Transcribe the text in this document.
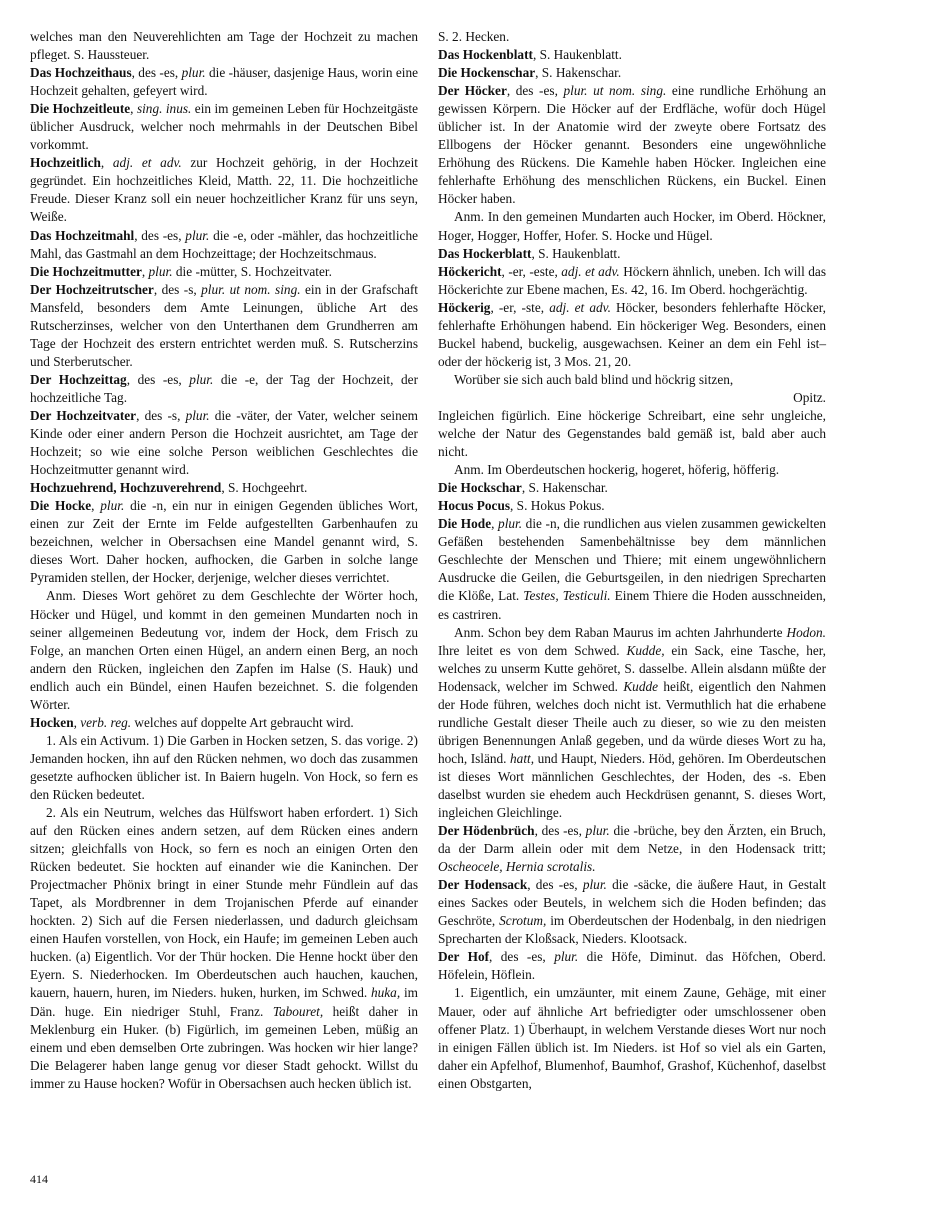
welches man den Neuverehlichten am Tage der Hochzeit zu machen pfleget. S. Haussteuer.

Das Hochzeithaus, des -es, plur. die -häuser, dasjenige Haus, worin eine Hochzeit gehalten, gefeyert wird.

Die Hochzeitleute, sing. inus. ein im gemeinen Leben für Hochzeitgäste üblicher Ausdruck, welcher noch mehrmahls in der Deutschen Bibel vorkommt.

Hochzeitlich, adj. et adv. zur Hochzeit gehörig, in der Hochzeit gegründet. Ein hochzeitliches Kleid, Matth. 22, 11. Die hochzeitliche Freude. Dieser Kranz soll ein neuer hochzeitlicher Kranz für uns seyn, Weiße.

Das Hochzeitmahl, des -es, plur. die -e, oder -mähler, das hochzeitliche Mahl, das Gastmahl an dem Hochzeittage; der Hochzeitschmaus.

Die Hochzeitmutter, plur. die -mütter, S. Hochzeitvater.

Der Hochzeitrutscher, des -s, plur. ut nom. sing. ein in der Grafschaft Mansfeld, besonders dem Amte Leinungen, übliche Art des Rutscherzinses, welcher von den Unterthanen dem Grundherren am Tage der Hochzeit des erstern entrichtet werden muß. S. Rutscherzins und Sterberutscher.

Der Hochzeittag, des -es, plur. die -e, der Tag der Hochzeit, der hochzeitliche Tag.

Der Hochzeitvater, des -s, plur. die -väter, der Vater, welcher seinem Kinde oder einer andern Person die Hochzeit ausrichtet, am Tage der Hochzeit; so wie eine solche Person weiblichen Geschlechtes die Hochzeitmutter genannt wird.

Hochzuehrend, Hochzuverehrend, S. Hochgeehrt.

Die Hocke, plur. die -n, ein nur in einigen Gegenden übliches Wort, einen zur Zeit der Ernte im Felde aufgestellten Garbenhaufen zu bezeichnen, welcher in Obersachsen eine Mandel genannt wird, S. dieses Wort. Daher hocken, aufhocken, die Garben in solche lange Pyramiden stellen, der Hocker, derjenige, welcher dieses verrichtet.

Anm. Dieses Wort gehöret zu dem Geschlechte der Wörter hoch, Höcker und Hügel, und kommt in den gemeinen Mundarten noch in seiner allgemeinen Bedeutung vor, indem der Hock, dem Frisch zu Folge, an manchen Orten einen Hügel, an andern einen Berg, an noch andern den Rücken, ingleichen den Zapfen im Halse (S. Hauk) und endlich auch ein Bündel, einen Haufen bezeichnet. S. die folgenden Wörter.

Hocken, verb. reg. welches auf doppelte Art gebraucht wird.

1. Als ein Activum. 1) Die Garben in Hocken setzen, S. das vorige. 2) Jemanden hocken, ihn auf den Rücken nehmen, wo doch das zusammen gesetzte aufhocken üblicher ist. In Baiern hugeln. Von Hock, so fern es den Rücken bedeutet.

2. Als ein Neutrum, welches das Hülfswort haben erfordert. 1) Sich auf den Rücken eines andern setzen, auf dem Rücken eines andern sitzen; gleichfalls von Hock, so fern es noch an einigen Orten den Rücken bedeutet. Sie hockten auf einander wie die Kaninchen. Der Projectmacher Phönix bringt in einer Stunde mehr Fündlein auf das Tapet, als Mordbrenner in dem Trojanischen Pferde auf einander hockten. 2) Sich auf die Fersen niederlassen, und dadurch gleichsam einen Haufen vorstellen, von Hock, ein Haufe; im gemeinen Leben auch hucken. (a) Eigentlich. Vor der Thür hocken. Die Henne hockt über den Eyern. S. Niederhocken. Im Oberdeutschen auch hauchen, kauchen, kauern, hauern, huren, im Nieders. huken, hurken, im Schwed. huka, im Dän. huge. Ein niedriger Stuhl, Franz. Tabouret, heißt daher in Meklenburg ein Huker. (b) Figürlich, im gemeinen Leben, müßig an einem und eben demselben Orte zubringen. Was hocken wir hier lange? Die Belagerer haben lange genug vor dieser Stadt gehockt. Willst du immer zu Hause hocken? Wofür in Obersachsen auch hecken üblich ist.

S. 2. Hecken.

Das Hockenblatt, S. Haukenblatt.

Die Hockenschar, S. Hakenschar.

Der Höcker, des -es, plur. ut nom. sing. eine rundliche Erhöhung an gewissen Körpern. Die Höcker auf der Erdfläche, wofür doch Hügel üblicher ist. In der Anatomie wird der zweyte obere Fortsatz des Ellbogens der Höcker genannt. Besonders eine ungewöhnliche Erhöhung des Rückens. Die Kamehle haben Höcker. Ingleichen eine fehlerhafte Erhöhung des menschlichen Rückens, ein Buckel. Einen Höcker haben.

Anm. In den gemeinen Mundarten auch Hocker, im Oberd. Höckner, Hoger, Hogger, Hoffer, Hofer. S. Hocke und Hügel.

Das Hockerblatt, S. Haukenblatt.

Höckericht, -er, -este, adj. et adv. Höckern ähnlich, uneben. Ich will das Höckerichte zur Ebene machen, Es. 42, 16. Im Oberd. hochgerächtig.

Höckerig, -er, -ste, adj. et adv. Höcker, besonders fehlerhafte Höcker, fehlerhafte Erhöhungen habend. Ein höckeriger Weg. Besonders, einen Buckel habend, buckelig, ausgewachsen. Keiner an dem ein Fehl ist– oder der höckerig ist, 3 Mos. 21, 20.

Worüber sie sich auch bald blind und höckrig sitzen,

Opitz.

Ingleichen figürlich. Eine höckerige Schreibart, eine sehr ungleiche, welche der Natur des Gegenstandes bald gemäß ist, bald aber auch nicht.

Anm. Im Oberdeutschen hockerig, hogeret, höferig, höfferig.

Die Hockschar, S. Hakenschar.

Hocus Pocus, S. Hokus Pokus.

Die Hode, plur. die -n, die rundlichen aus vielen zusammen gewickelten Gefäßen bestehenden Samenbehältnisse bey dem männlichen Geschlechte der Menschen und Thiere; mit einem ungewöhnlichern Ausdrucke die Geilen, die Geburtsgeilen, in den niedrigen Sprecharten die Klöße, Lat. Testes, Testiculi. Einem Thiere die Hoden ausschneiden, es castriren.

Anm. Schon bey dem Raban Maurus im achten Jahrhunderte Hodon. Ihre leitet es von dem Schwed. Kudde, ein Sack, eine Tasche, her, welches zu unserm Kutte gehöret, S. dasselbe. Allein alsdann müßte der Hodensack, welcher im Schwed. Kudde heißt, eigentlich den Nahmen der Hode führen, welches doch nicht ist. Vermuthlich hat die erhabene rundliche Gestalt dieser Theile auch zu dieser, so wie zu den meisten übrigen Benennungen Anlaß gegeben, und da würde dieses Wort zu ha, hoch, Isländ. hatt, und Haupt, Nieders. Höd, gehören. Im Oberdeutschen ist dieses Wort männlichen Geschlechtes, der Hoden, des -s. Eben daselbst wurden sie ehedem auch Heckdrüsen genannt, S. dieses Wort, ingleichen Gleichlinge.

Der Hödenbrüch, des -es, plur. die -brüche, bey den Ärzten, ein Bruch, da der Darm allein oder mit dem Netze, in den Hodensack tritt; Oscheocele, Hernia scrotalis.

Der Hodensack, des -es, plur. die -säcke, die äußere Haut, in Gestalt eines Sackes oder Beutels, in welchem sich die Hoden befinden; das Geschröte, Scrotum, im Oberdeutschen der Hodenbalg, in den niedrigen Sprecharten der Kloßsack, Nieders. Klootsack.

Der Hof, des -es, plur. die Höfe, Diminut. das Höfchen, Oberd. Höfelein, Höflein.

1. Eigentlich, ein umzäunter, mit einem Zaune, Gehäge, mit einer Mauer, oder auf ähnliche Art befriedigter oder umschlossener oben offener Platz. 1) Überhaupt, in welchem Verstande dieses Wort nur noch in einigen Fällen üblich ist. Im Nieders. ist Hof so viel als ein Garten, daher ein Apfelhof, Blumenhof, Baumhof, Grashof, Küchenhof, daselbst einen Obstgarten,

414
